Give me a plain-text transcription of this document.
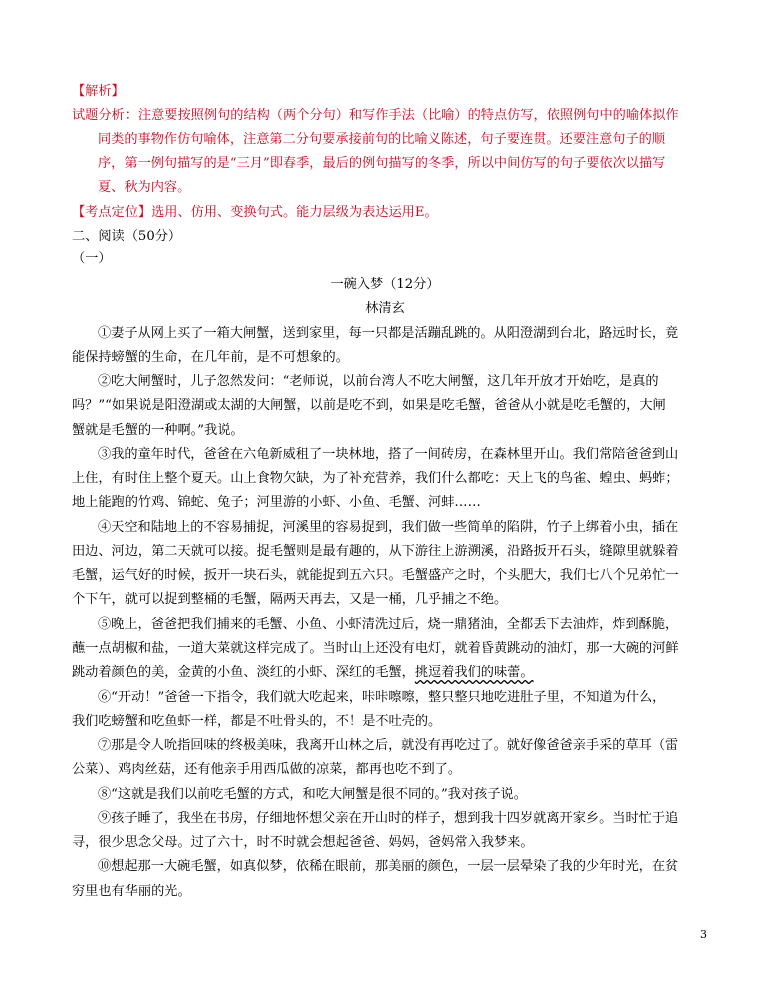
【解析】
试题分析：注意要按照例句的结构（两个分句）和写作手法（比喻）的特点仿写，依照例句中的喻体拟作
同类的事物作仿句喻体，注意第二分句要承接前句的比喻义陈述，句子要连贯。还要注意句子的顺
序，第一例句描写的是“三月”即春季，最后的例句描写的冬季，所以中间仿写的句子要依次以描写
夏、秋为内容。
【考点定位】选用、仿用、变换句式。能力层级为表达运用E。
二、阅读（50分）
（一）
一碗入梦（12分）
林清玄
①妻子从网上买了一箱大闸蟹，送到家里，每一只都是活蹦乱跳的。从阳澄湖到台北，路远时长，竟
能保持螃蟹的生命，在几年前，是不可想象的。
②吃大闸蟹时，儿子忽然发问：“老师说，以前台湾人不吃大闸蟹，这几年开放才开始吃，是真的
吗？”“如果说是阳澄湖或太湖的大闸蟹，以前是吃不到，如果是吃毛蟹，爸爸从小就是吃毛蟹的，大闸
蟹就是毛蟹的一种啊。”我说。
③我的童年时代，爸爸在六龟新威租了一块林地，搭了一间砖房，在森林里开山。我们常陪爸爸到山
上住，有时住上整个夏天。山上食物欠缺，为了补充营养，我们什么都吃：天上飞的鸟雀、蝗虫、蚂蚱；
地上能跑的竹鸡、锦蛇、兔子；河里游的小虾、小鱼、毛蟹、河蚌……
④天空和陆地上的不容易捕捉，河溪里的容易捉到，我们做一些简单的陷阱，竹子上绑着小虫，插在
田边、河边，第二天就可以接。捉毛蟹则是最有趣的，从下游往上游溯溪，沿路扳开石头，缝隙里就躲着
毛蟹，运气好的时候，扳开一块石头，就能捉到五六只。毛蟹盛产之时，个头肥大，我们七八个兄弟忙一
个下午，就可以捉到整桶的毛蟹，隔两天再去，又是一桶，几乎捕之不绝。
⑤晚上，爸爸把我们捕来的毛蟹、小鱼、小虾清洗过后，烧一鼎猪油，全都丢下去油炸，炸到酥脆，
蘸一点胡椒和盐，一道大菜就这样完成了。当时山上还没有电灯，就着昏黄跳动的油灯，那一大碗的河鲜
跳动着颜色的美，金黄的小鱼、淡红的小虾、深红的毛蟹，挑逗着我们的味蕾。
⑥“开动！”爸爸一下指令，我们就大吃起来，咔咔嚓嚓，整只整只地吃进肚子里，不知道为什么，
我们吃螃蟹和吃鱼虾一样，都是不吐骨头的，不！是不吐壳的。
⑦那是令人吮指回味的终极美味，我离开山林之后，就没有再吃过了。就好像爸爸亲手采的草耳（雷
公菜）、鸡肉丝菇，还有他亲手用西瓜做的凉菜，都再也吃不到了。
⑧“这就是我们以前吃毛蟹的方式，和吃大闸蟹是很不同的。”我对孩子说。
⑨孩子睡了，我坐在书房，仔细地怀想父亲在开山时的样子，想到我十四岁就离开家乡。当时忙于追
寻，很少思念父母。过了六十，时不时就会想起爸爸、妈妈，爸妈常入我梦来。
⑩想起那一大碗毛蟹，如真似梦，依稀在眼前，那美丽的颜色，一层一层晕染了我的少年时光，在贫
穷里也有华丽的光。
3
